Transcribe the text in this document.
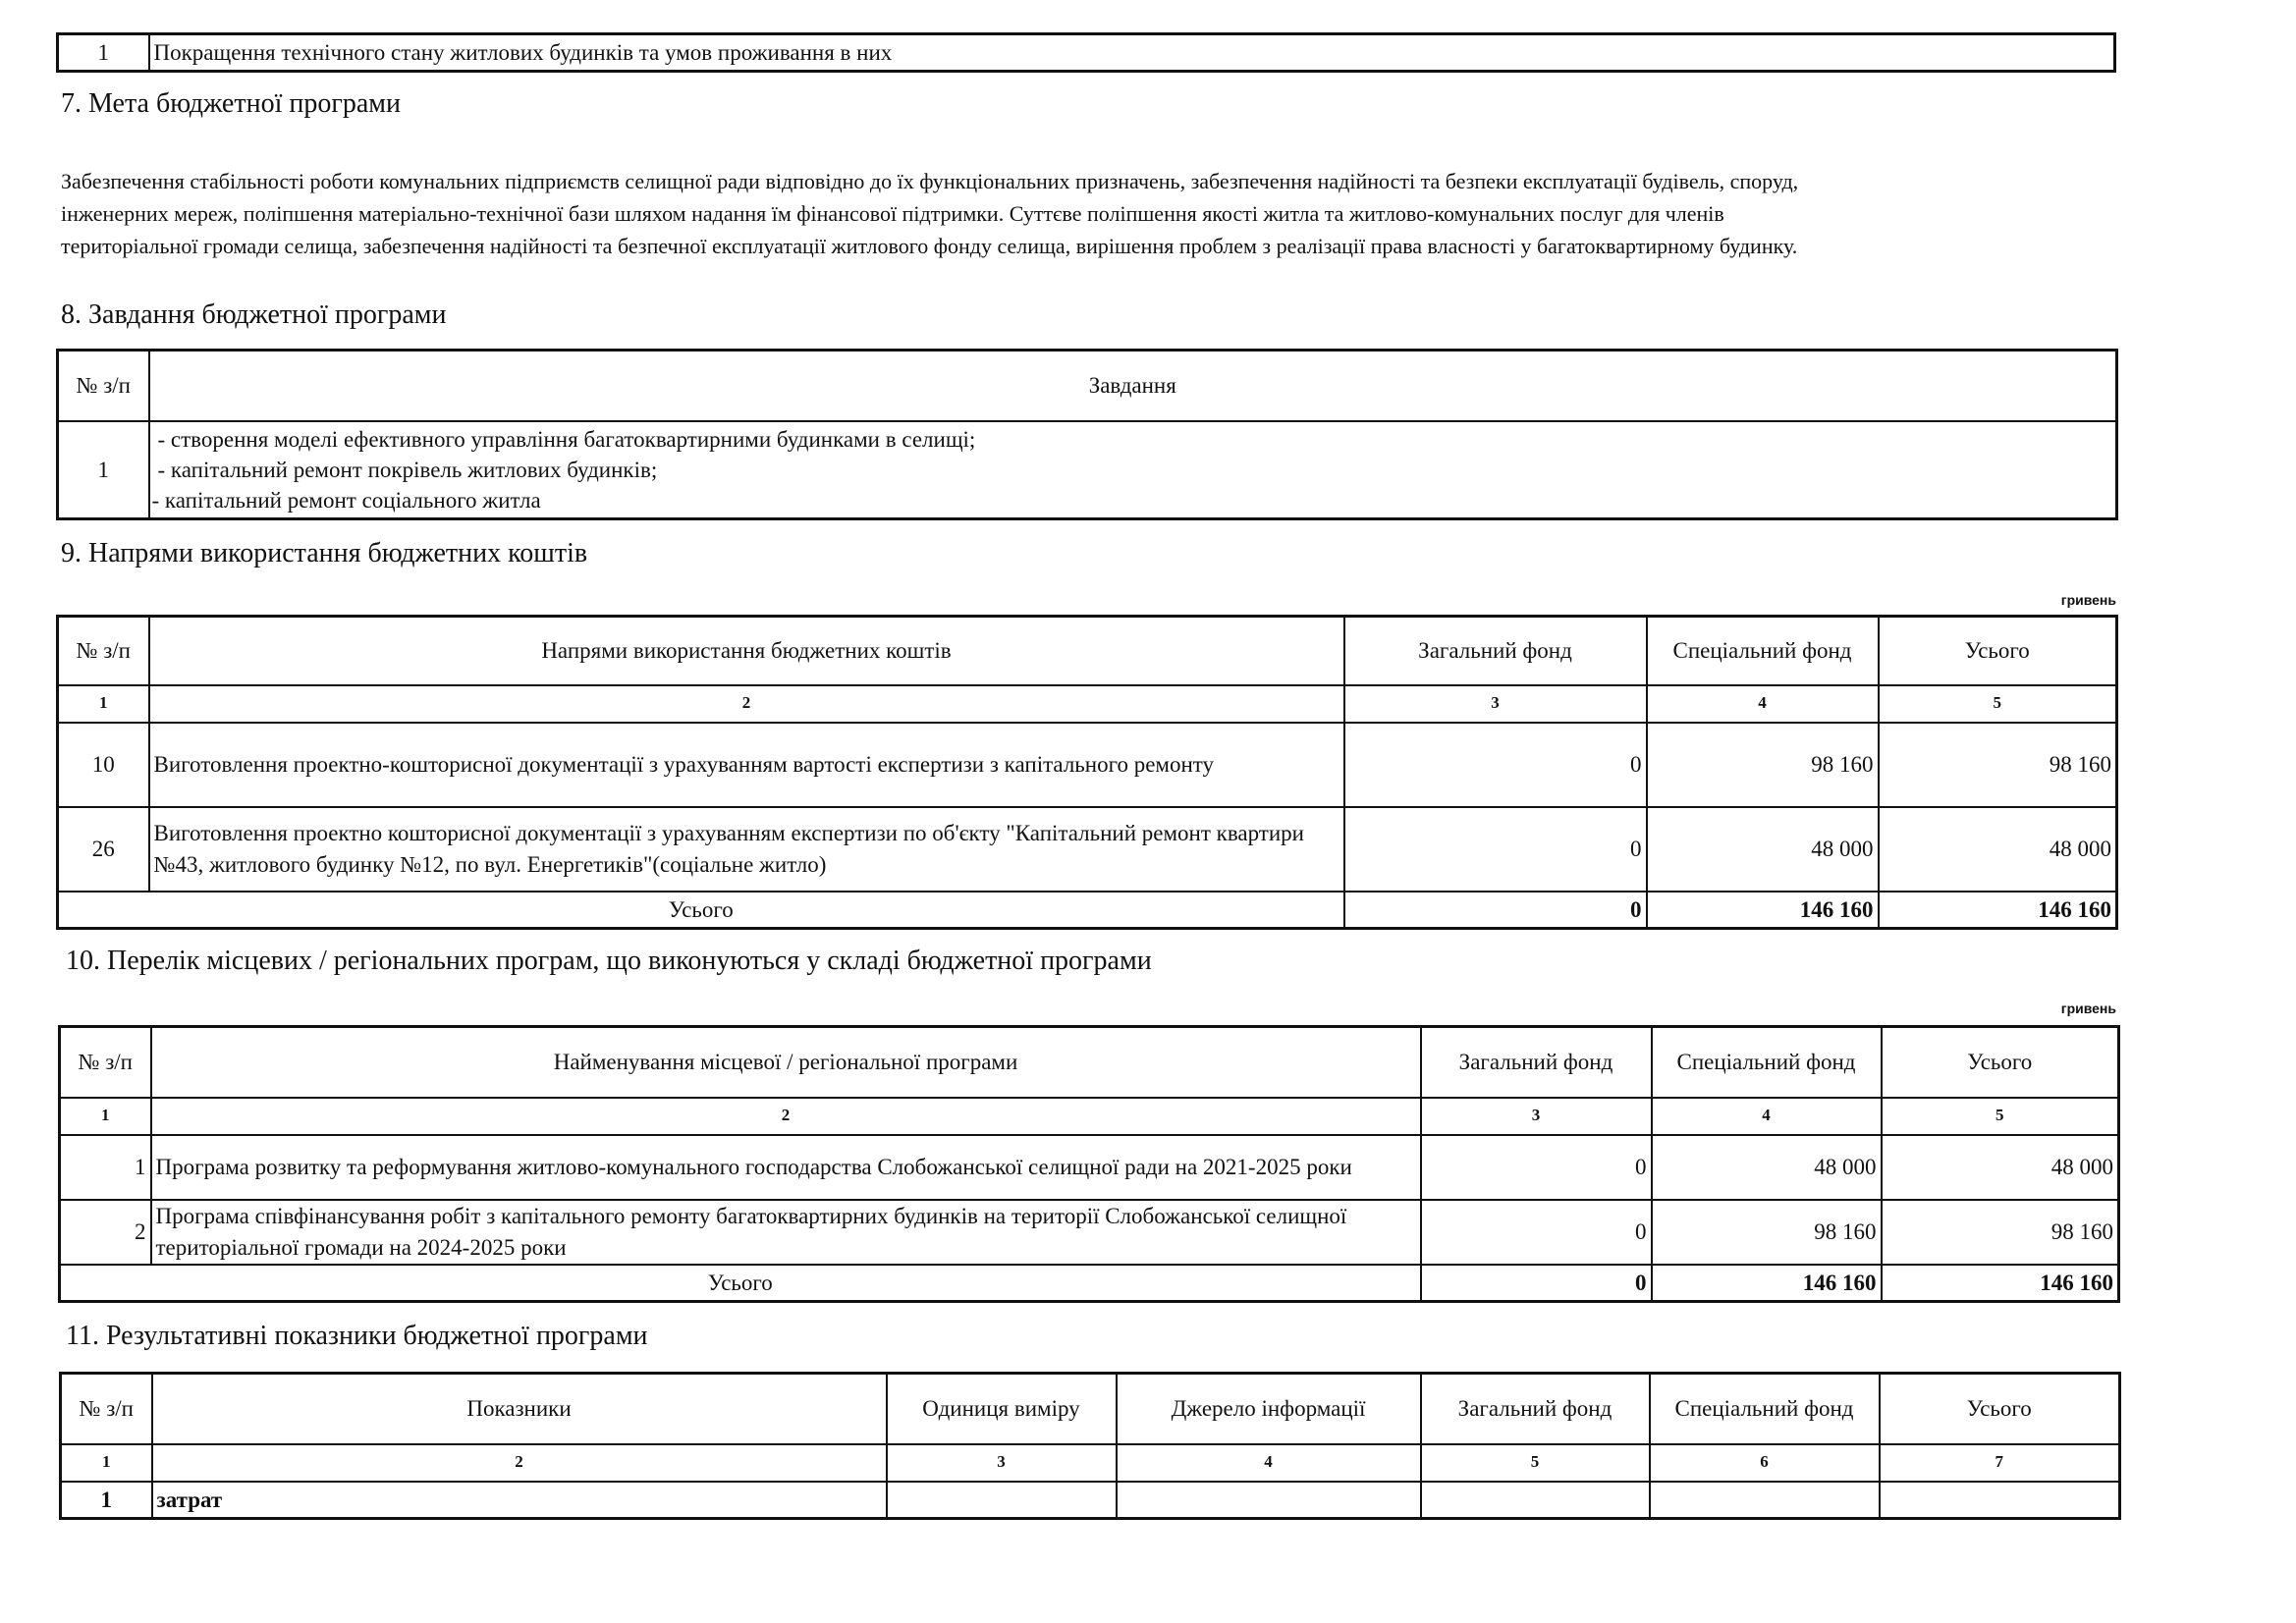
1	Покращення технічного стану житлових будинків та умов проживання в них
7. Мета бюджетної програми
Забезпечення стабільності роботи комунальних підприємств селищної ради відповідно до їх функціональних призначень, забезпечення надійності та безпеки експлуатації будівель, споруд,
інженерних мереж, поліпшення матеріально-технічної бази шляхом надання їм фінансової підтримки. Суттєве поліпшення якості житла та житлово-комунальних послуг для членів
територіальної громади селища, забезпечення надійності та безпечної експлуатації житлового фонду селища, вирішення проблем з реалізації права власності у багатоквартирному будинку.
8. Завдання бюджетної програми
№ з/п	Завдання
1	- створення моделі ефективного управління багатоквартирними будинками в селищі;
- капітальний ремонт покрівель житлових будинків;
- капітальний ремонт соціального житла
9. Напрями використання бюджетних коштів
гривень
№ з/п	Напрями використання бюджетних коштів	Загальний фонд	Спеціальний фонд	Усього
1	2	3	4	5
10	Виготовлення проектно-кошторисної документації з урахуванням вартості експертизи з капітального ремонту	0	98 160	98 160
26	Виготовлення проектно кошторисної документації з урахуванням експертизи по об'єкту "Капітальний ремонт квартири №43, житлового будинку №12, по вул. Енергетиків"(соціальне житло)	0	48 000	48 000
Усього		0	146 160	146 160
10. Перелік місцевих / регіональних програм, що виконуються у складі бюджетної програми
гривень
№ з/п	Найменування місцевої / регіональної програми	Загальний фонд	Спеціальний фонд	Усього
1	2	3	4	5
1	Програма розвитку та реформування житлово-комунального господарства Слобожанської селищної ради на 2021-2025 роки	0	48 000	48 000
2	Програма співфінансування робіт з капітального ремонту багатоквартирних будинків на території Слобожанської селищної територіальної громади на 2024-2025 роки	0	98 160	98 160
Усього		0	146 160	146 160
11. Результативні показники бюджетної програми
№ з/п	Показники	Одиниця виміру	Джерело інформації	Загальний фонд	Спеціальний фонд	Усього
1	2	3	4	5	6	7
1	затрат					
